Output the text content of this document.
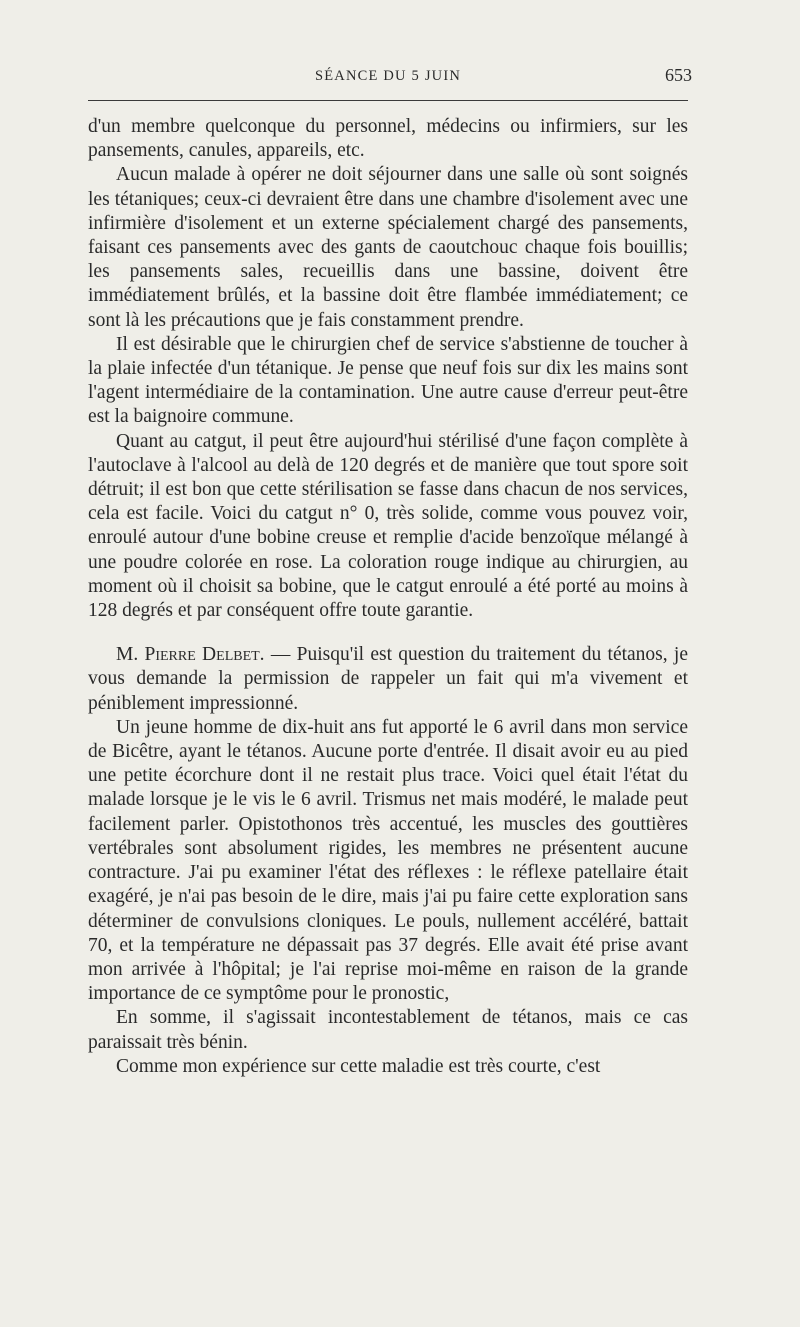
SÉANCE DU 5 JUIN	653

d'un membre quelconque du personnel, médecins ou infirmiers, sur les pansements, canules, appareils, etc.

Aucun malade à opérer ne doit séjourner dans une salle où sont soignés les tétaniques; ceux-ci devraient être dans une chambre d'isolement avec une infirmière d'isolement et un externe spécialement chargé des pansements, faisant ces pansements avec des gants de caoutchouc chaque fois bouillis; les pansements sales, recueillis dans une bassine, doivent être immédiatement brûlés, et la bassine doit être flambée immédiatement; ce sont là les précautions que je fais constamment prendre.

Il est désirable que le chirurgien chef de service s'abstienne de toucher à la plaie infectée d'un tétanique. Je pense que neuf fois sur dix les mains sont l'agent intermédiaire de la contamination. Une autre cause d'erreur peut-être est la baignoire commune.

Quant au catgut, il peut être aujourd'hui stérilisé d'une façon complète à l'autoclave à l'alcool au delà de 120 degrés et de manière que tout spore soit détruit; il est bon que cette stérilisation se fasse dans chacun de nos services, cela est facile. Voici du catgut n° 0, très solide, comme vous pouvez voir, enroulé autour d'une bobine creuse et remplie d'acide benzoïque mélangé à une poudre colorée en rose. La coloration rouge indique au chirurgien, au moment où il choisit sa bobine, que le catgut enroulé a été porté au moins à 128 degrés et par conséquent offre toute garantie.

M. Pierre Delbet. — Puisqu'il est question du traitement du tétanos, je vous demande la permission de rappeler un fait qui m'a vivement et péniblement impressionné.

Un jeune homme de dix-huit ans fut apporté le 6 avril dans mon service de Bicêtre, ayant le tétanos. Aucune porte d'entrée. Il disait avoir eu au pied une petite écorchure dont il ne restait plus trace. Voici quel était l'état du malade lorsque je le vis le 6 avril. Trismus net mais modéré, le malade peut facilement parler. Opistothonos très accentué, les muscles des gouttières vertébrales sont absolument rigides, les membres ne présentent aucune contracture. J'ai pu examiner l'état des réflexes : le réflexe patellaire était exagéré, je n'ai pas besoin de le dire, mais j'ai pu faire cette exploration sans déterminer de convulsions cloniques. Le pouls, nullement accéléré, battait 70, et la température ne dépassait pas 37 degrés. Elle avait été prise avant mon arrivée à l'hôpital; je l'ai reprise moi-même en raison de la grande importance de ce symptôme pour le pronostic,

En somme, il s'agissait incontestablement de tétanos, mais ce cas paraissait très bénin.

Comme mon expérience sur cette maladie est très courte, c'est
